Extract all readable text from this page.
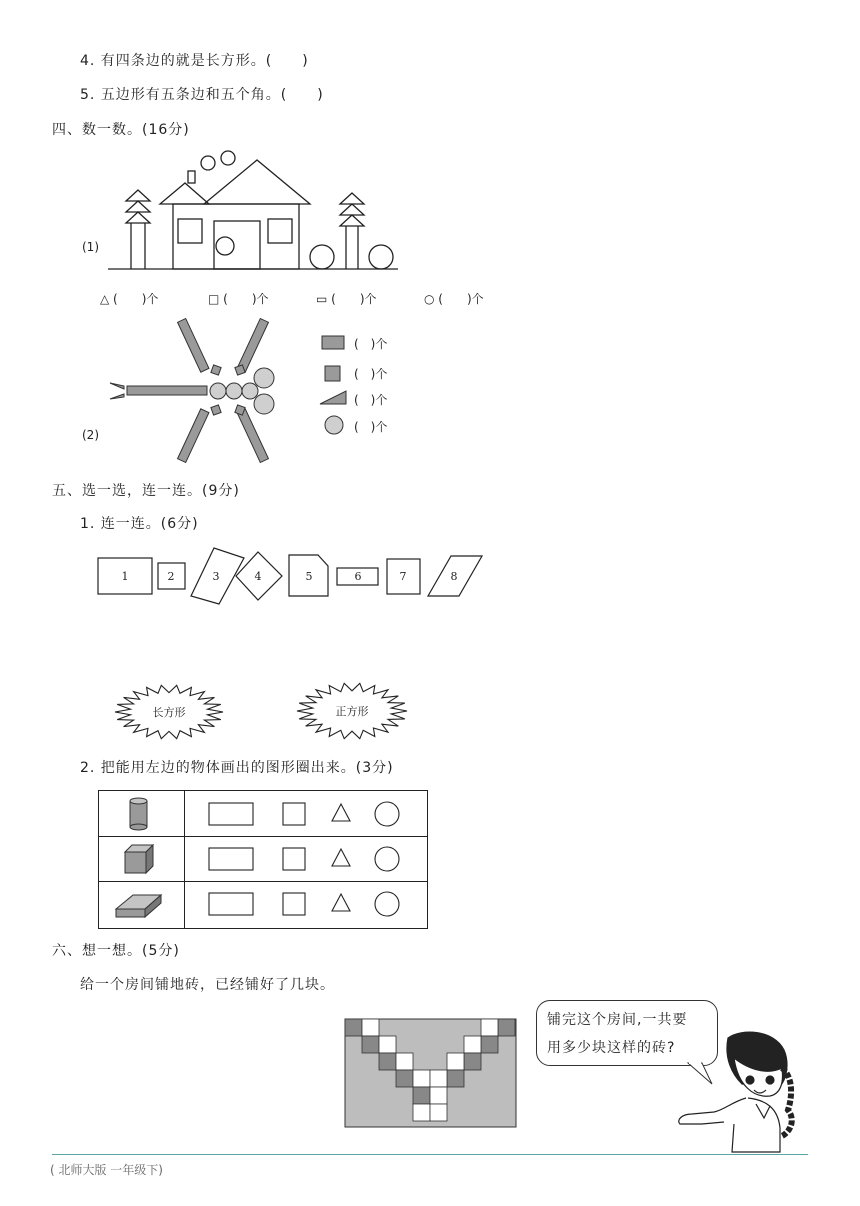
4. 有四条边的就是长方形。(　　)
5. 五边形有五条边和五个角。(　　)
四、数一数。(16分)
(1)
△ (　　)个	□ (　　)个	▭ (　　)个	○ (　　)个
(2)
(　)个
(　)个
(　)个
(　)个
五、选一选，连一连。(9分)
1. 连一连。(6分)
1	2	3	4	5	6	7	8
长方形	正方形
2. 把能用左边的物体画出的图形圈出来。(3分)
六、想一想。(5分)
给一个房间铺地砖，已经铺好了几块。
铺完这个房间,一共要
用多少块这样的砖?
( 北师大版 一年级下)
